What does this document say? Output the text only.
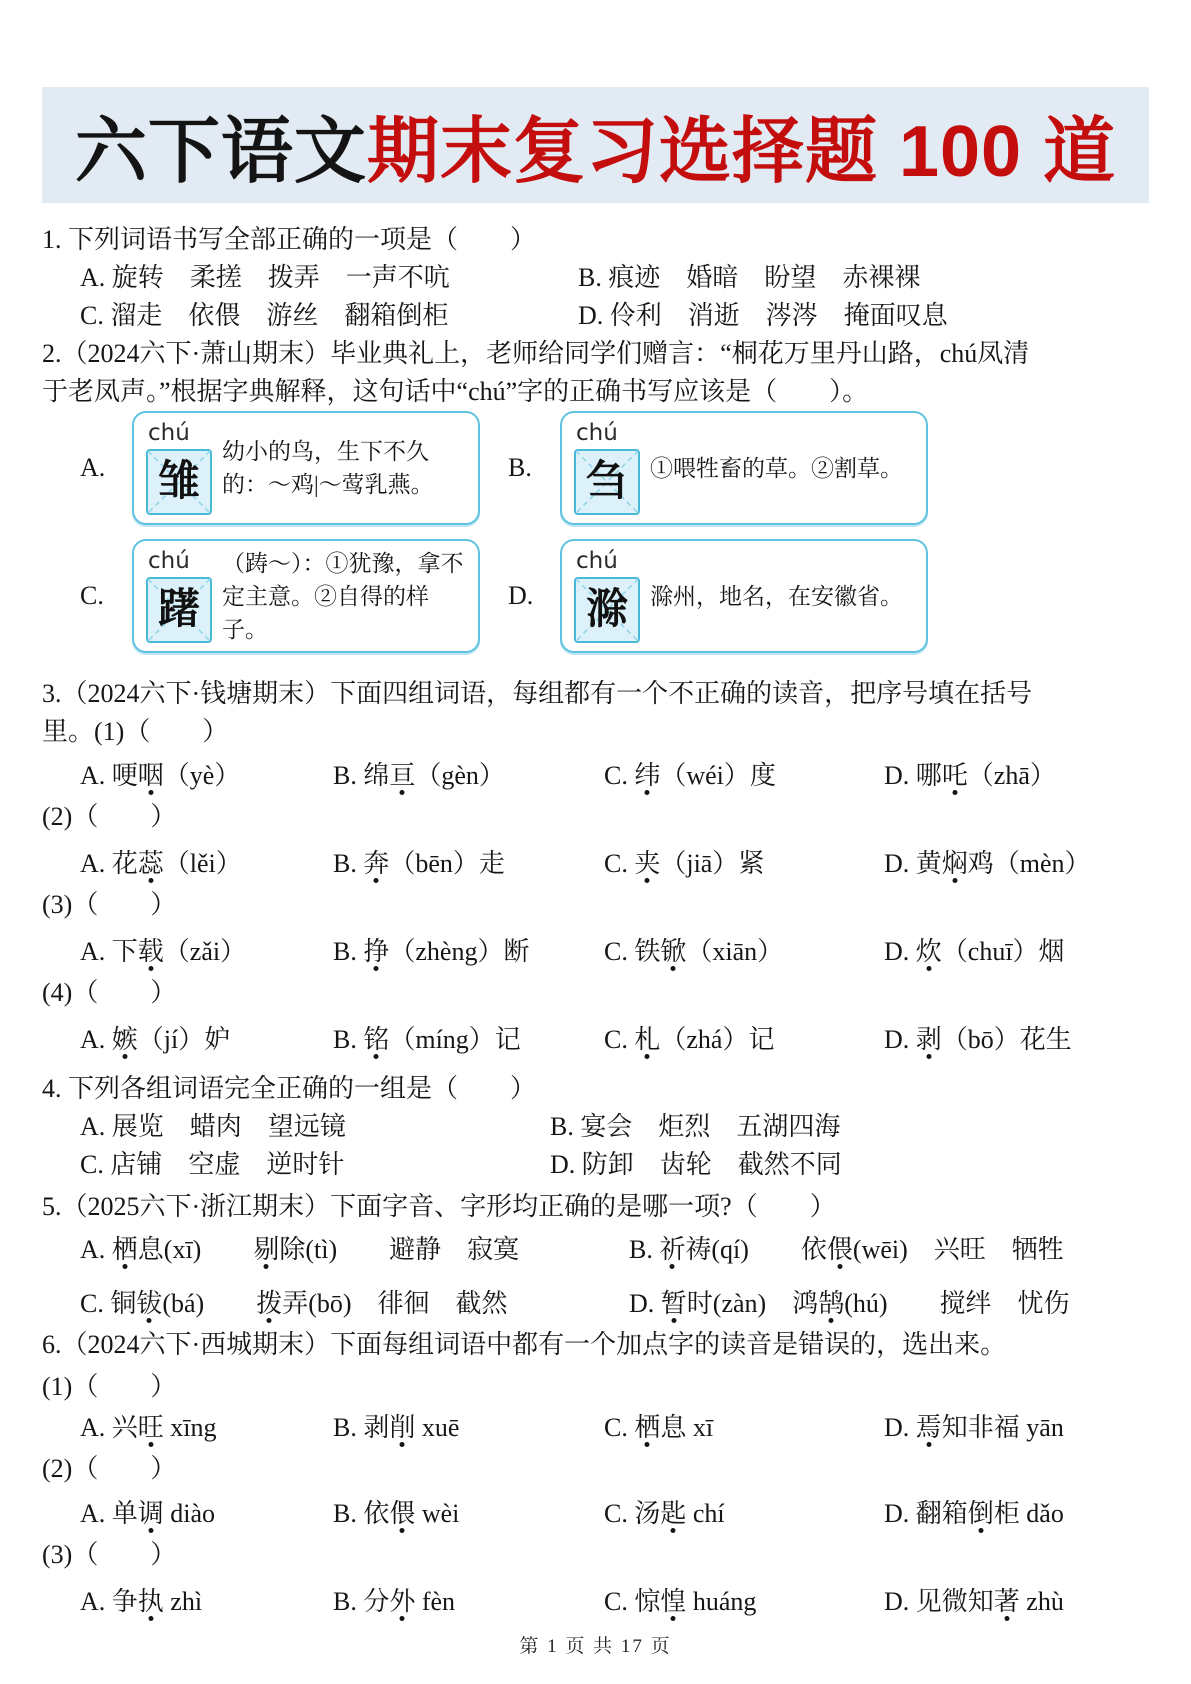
六下语文期末复习选择题 100 道

1. 下列词语书写全部正确的一项是（　　）

A. 旋转　柔搓　拨弄　一声不吭	B. 痕迹　婚暗　盼望　赤裸裸
C. 溜走　依偎　游丝　翻箱倒柜	D. 伶利　消逝　涔涔　掩面叹息

2.（2024六下·萧山期末）毕业典礼上，老师给同学们赠言：“桐花万里丹山路，chú凤清

于老凤声。”根据字典解释，这句话中“chú”字的正确书写应该是（　　）。

A.
chú
雏
幼小的鸟，生下不久的：～鸡|～莺乳燕。
B.
chú
刍 ①喂牲畜的草。②割草。
C.
chú
躇
（踌～）：①犹豫，拿不定主意。②自得的样子。
D.
chú
滁 滁州，地名，在安徽省。

3.（2024六下·钱塘期末）下面四组词语，每组都有一个不正确的读音，把序号填在括号

里。(1)（　　）

A. 哽咽（yè）	B. 绵亘（gèn）	C. 纬（wéi）度	D. 哪吒（zhā）

(2)（　　）

A. 花蕊（lěi）	B. 奔（bēn）走	C. 夹（jiā）紧	D. 黄焖鸡（mèn）

(3)（　　）

A. 下载（zǎi）	B. 挣（zhèng）断	C. 铁锨（xiān）	D. 炊（chuī）烟

(4)（　　）

A. 嫉（jí）妒	B. 铭（míng）记	C. 札（zhá）记	D. 剥（bō）花生

4. 下列各组词语完全正确的一组是（　　）

A. 展览　蜡肉　望远镜	B. 宴会　炬烈　五湖四海
C. 店铺　空虚　逆时针	D. 防卸　齿轮　截然不同

5.（2025六下·浙江期末）下面字音、字形均正确的是哪一项?（　　）

A. 栖息(xī)　　剔除(tì)　　避静　寂寞	B. 祈祷(qí)　　依偎(wēi)　兴旺　牺牲
C. 铜钹(bá)　　拨弄(bō)　徘徊　截然	D. 暂时(zàn)　鸿鹄(hú)　　搅绊　忧伤

6.（2024六下·西城期末）下面每组词语中都有一个加点字的读音是错误的，选出来。

(1)（　　）

A. 兴旺 xīng	B. 剥削 xuē	C. 栖息 xī	D. 焉知非福 yān

(2)（　　）

A. 单调 diào	B. 依偎 wèi	C. 汤匙 chí	D. 翻箱倒柜 dǎo

(3)（　　）

A. 争执 zhì	B. 分外 fèn	C. 惊惶 huáng	D. 见微知著 zhù
第 1 页 共 17 页
